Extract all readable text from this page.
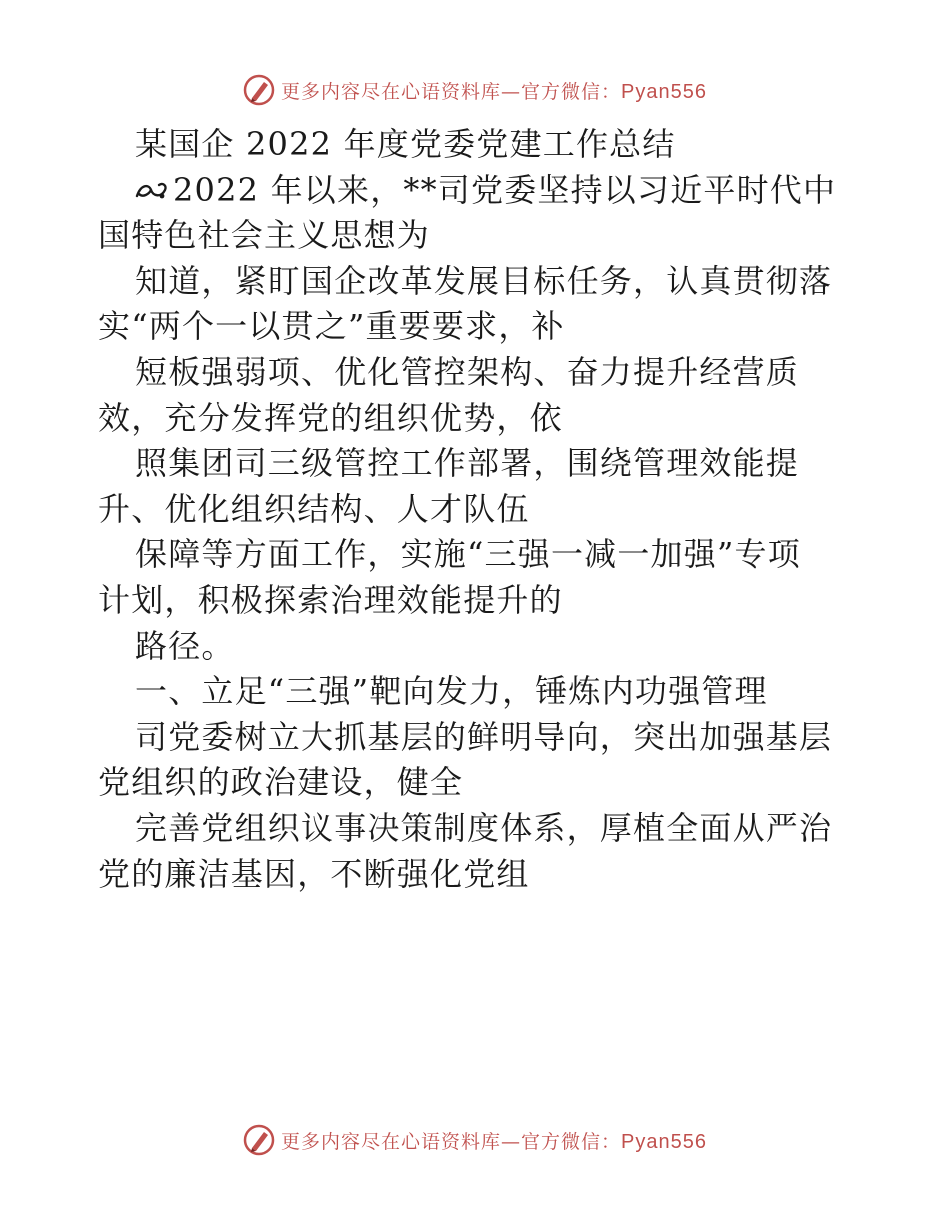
更多内容尽在心语资料库—官方微信：Pyan556
某国企 2022 年度党委党建工作总结
2022 年以来，**司党委坚持以习近平时代中
国特色社会主义思想为
知道，紧盯国企改革发展目标任务，认真贯彻落
实“两个一以贯之”重要要求，补
短板强弱项、优化管控架构、奋力提升经营质
效，充分发挥党的组织优势，依
照集团司三级管控工作部署，围绕管理效能提
升、优化组织结构、人才队伍
保障等方面工作，实施“三强一减一加强”专项
计划，积极探索治理效能提升的
路径。
一、立足“三强”靶向发力，锤炼内功强管理
司党委树立大抓基层的鲜明导向，突出加强基层
党组织的政治建设，健全
完善党组织议事决策制度体系，厚植全面从严治
党的廉洁基因，不断强化党组
更多内容尽在心语资料库—官方微信：Pyan556
